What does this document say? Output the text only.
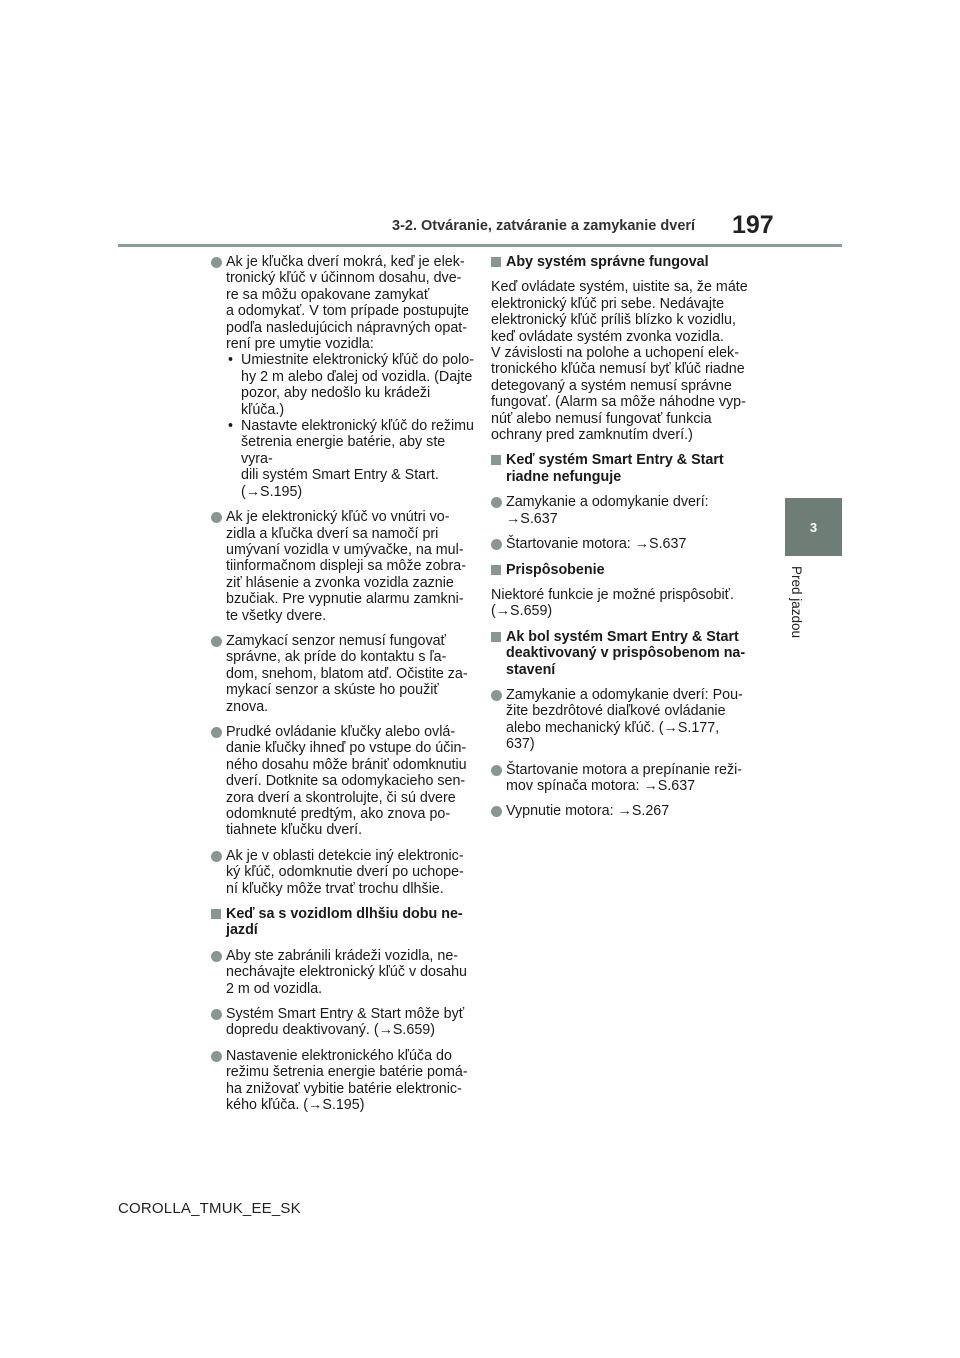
3-2. Otváranie, zatváranie a zamykanie dverí 197
3
Pred jazdou
Ak je kľučka dverí mokrá, keď je elek-
tronický kľúč v účinnom dosahu, dve-
re sa môžu opakovane zamykať
a odomykať. V tom prípade postupujte
podľa nasledujúcich nápravných opat-
rení pre umytie vozidla:
• Umiestnite elektronický kľúč do polo-
hy 2 m alebo ďalej od vozidla. (Dajte
pozor, aby nedošlo ku krádeži kľúča.)
• Nastavte elektronický kľúč do režimu
šetrenia energie batérie, aby ste vyra-
dili systém Smart Entry & Start.
(→S.195)
Ak je elektronický kľúč vo vnútri vo-
zidla a kľučka dverí sa namočí pri
umývaní vozidla v umývačke, na mul-
tiinformačnom displeji sa môže zobra-
ziť hlásenie a zvonka vozidla zaznie
bzučiak. Pre vypnutie alarmu zamkni-
te všetky dvere.
Zamykací senzor nemusí fungovať
správne, ak príde do kontaktu s ľa-
dom, snehom, blatom atď. Očistite za-
mykací senzor a skúste ho použiť
znova.
Prudké ovládanie kľučky alebo ovlá-
danie kľučky ihneď po vstupe do účin-
ného dosahu môže brániť odomknutiu
dverí. Dotknite sa odomykacieho sen-
zora dverí a skontrolujte, či sú dvere
odomknuté predtým, ako znova po-
tiahnete kľučku dverí.
Ak je v oblasti detekcie iný elektronic-
ký kľúč, odomknutie dverí po uchope-
ní kľučky môže trvať trochu dlhšie.
Keď sa s vozidlom dlhšiu dobu ne-
jazdí
Aby ste zabránili krádeži vozidla, ne-
nechávajte elektronický kľúč v dosahu
2 m od vozidla.
Systém Smart Entry & Start môže byť
dopredu deaktivovaný. (→S.659)
Nastavenie elektronického kľúča do
režimu šetrenia energie batérie pomá-
ha znižovať vybitie batérie elektronic-
kého kľúča. (→S.195)
Aby systém správne fungoval
Keď ovládate systém, uistite sa, že máte
elektronický kľúč pri sebe. Nedávajte
elektronický kľúč príliš blízko k vozidlu,
keď ovládate systém zvonka vozidla.
V závislosti na polohe a uchopení elek-
tronického kľúča nemusí byť kľúč riadne
detegovaný a systém nemusí správne
fungovať. (Alarm sa môže náhodne vyp-
núť alebo nemusí fungovať funkcia
ochrany pred zamknutím dverí.)
Keď systém Smart Entry & Start
riadne nefunguje
Zamykanie a odomykanie dverí:
→S.637
Štartovanie motora: →S.637
Prispôsobenie
Niektoré funkcie je možné prispôsobiť.
(→S.659)
Ak bol systém Smart Entry & Start
deaktivovaný v prispôsobenom na-
stavení
Zamykanie a odomykanie dverí: Pou-
žite bezdrôtové diaľkové ovládanie
alebo mechanický kľúč. (→S.177,
637)
Štartovanie motora a prepínanie reži-
mov spínača motora: →S.637
Vypnutie motora: →S.267
COROLLA_TMUK_EE_SK
